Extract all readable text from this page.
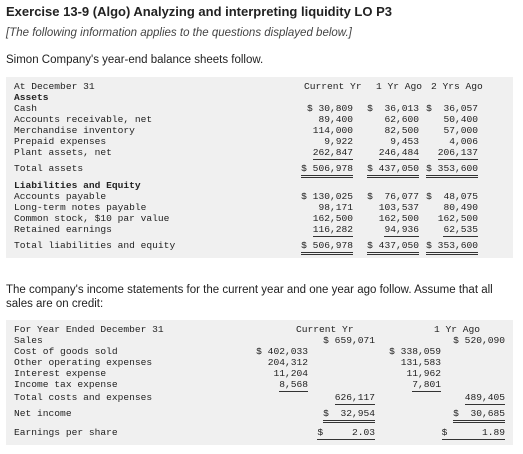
Exercise 13-9 (Algo) Analyzing and interpreting liquidity LO P3
[The following information applies to the questions displayed below.]
Simon Company's year-end balance sheets follow.
At December 31	Current Yr 1 Yr Ago 2 Yrs Ago
Assets
Cash	$ 30,809 $  36,013 $  36,057
Accounts receivable, net	89,400	62,600	50,400
Merchandise inventory	114,000	82,500	57,000
Prepaid expenses	9,922	9,453	4,006
Plant assets, net	262,847	246,484 206,137
Total assets	$ 506,978 $ 437,050 $ 353,600
Liabilities and Equity
Accounts payable	$ 130,025 $  76,077 $  48,075
Long-term notes payable	98,171	103,537	80,490
Common stock, $10 par value	162,500	162,500 162,500
Retained earnings	116,282	94,936	62,535
Total liabilities and equity	$ 506,978 $ 437,050 $ 353,600
The company's income statements for the current year and one year ago follow. Assume that all sales are on credit:
For Year Ended December 31	Current Yr	1 Yr Ago
Sales	$ 659,071	$ 520,090
Cost of goods sold	$ 402,033	$ 338,059
Other operating expenses	204,312	131,583
Interest expense	11,204	11,962
Income tax expense	8,568	7,801
Total costs and expenses	626,117	489,405
Net income	$  32,954	$  30,685
Earnings per share	$     2.03	$      1.89
